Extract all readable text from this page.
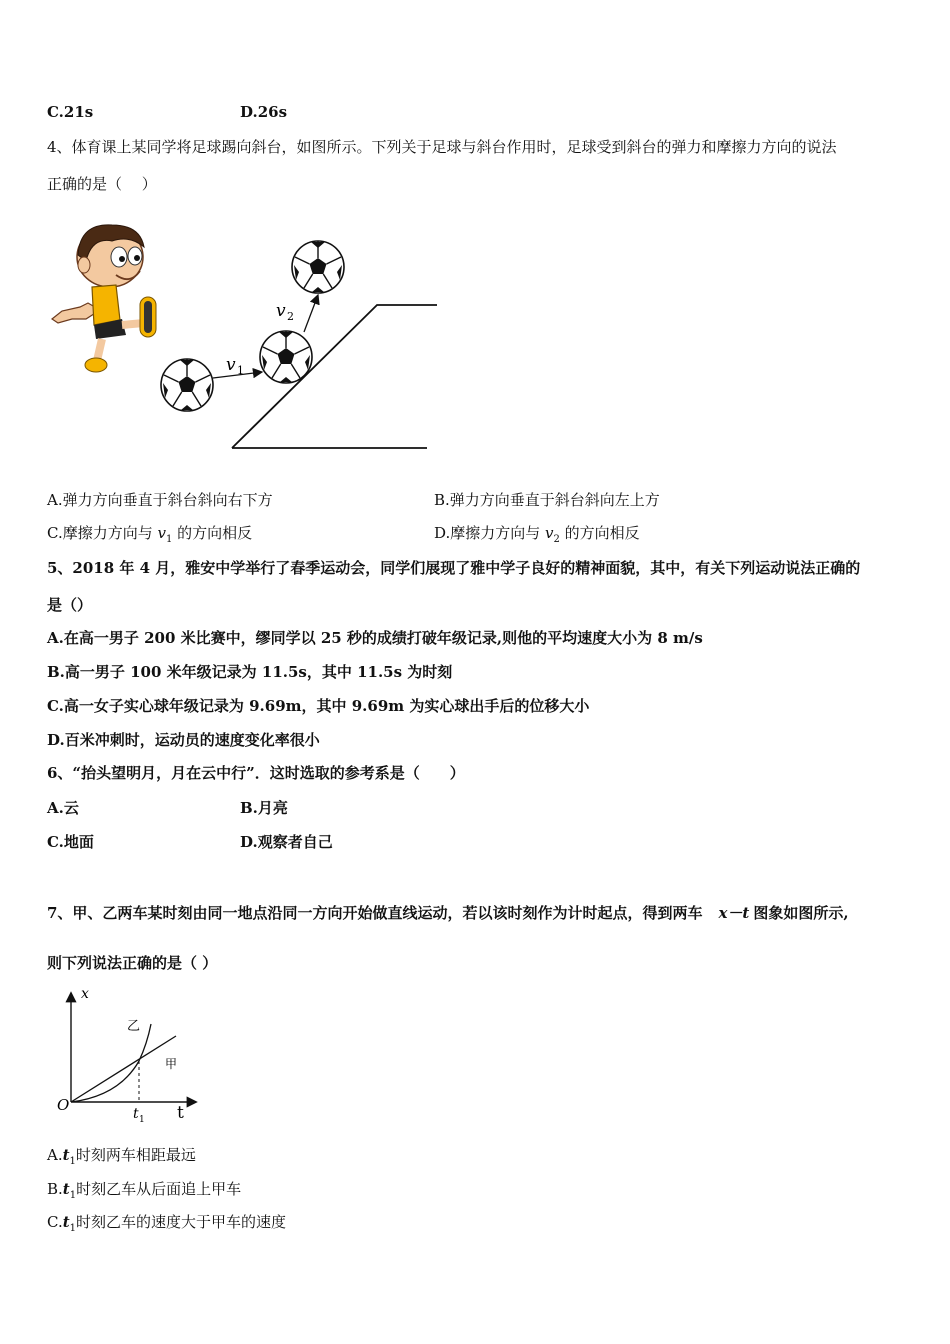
C.21s	D.26s
4、体育课上某同学将足球踢向斜台，如图所示。下列关于足球与斜台作用时，足球受到斜台的弹力和摩擦力方向的说法
正确的是（　 ）
v 1
v 2
A.弹力方向垂直于斜台斜向右下方	B.弹力方向垂直于斜台斜向左上方
C.摩擦力方向与 $v_1$ 的方向相反	D.摩擦力方向与 $v_2$ 的方向相反
5、2018 年 4 月，雅安中学举行了春季运动会，同学们展现了雅中学子良好的精神面貌，其中，有关下列运动说法正确的
是（）
A.在高一男子 200 米比赛中，缪同学以 25 秒的成绩打破年级记录,则他的平均速度大小为 8 m/s
B.高一男子 100 米年级记录为 11.5s，其中 11.5s 为时刻
C.高一女子实心球年级记录为 9.69m，其中 9.69m 为实心球出手后的位移大小
D.百米冲刺时，运动员的速度变化率很小
6、“抬头望明月，月在云中行”．这时选取的参考系是（　　）
A.云	B.月亮
C.地面	D.观察者自己
7、甲、乙两车某时刻由同一地点沿同一方向开始做直线运动，若以该时刻作为计时起点，得到两车 x－t 图象如图所示,
则下列说法正确的是（ ）
x
t
O	t 1
乙
甲
$A.t_1$时刻两车相距最远
$B.t_1$时刻乙车从后面追上甲车
$C.t_1$时刻乙车的速度大于甲车的速度
